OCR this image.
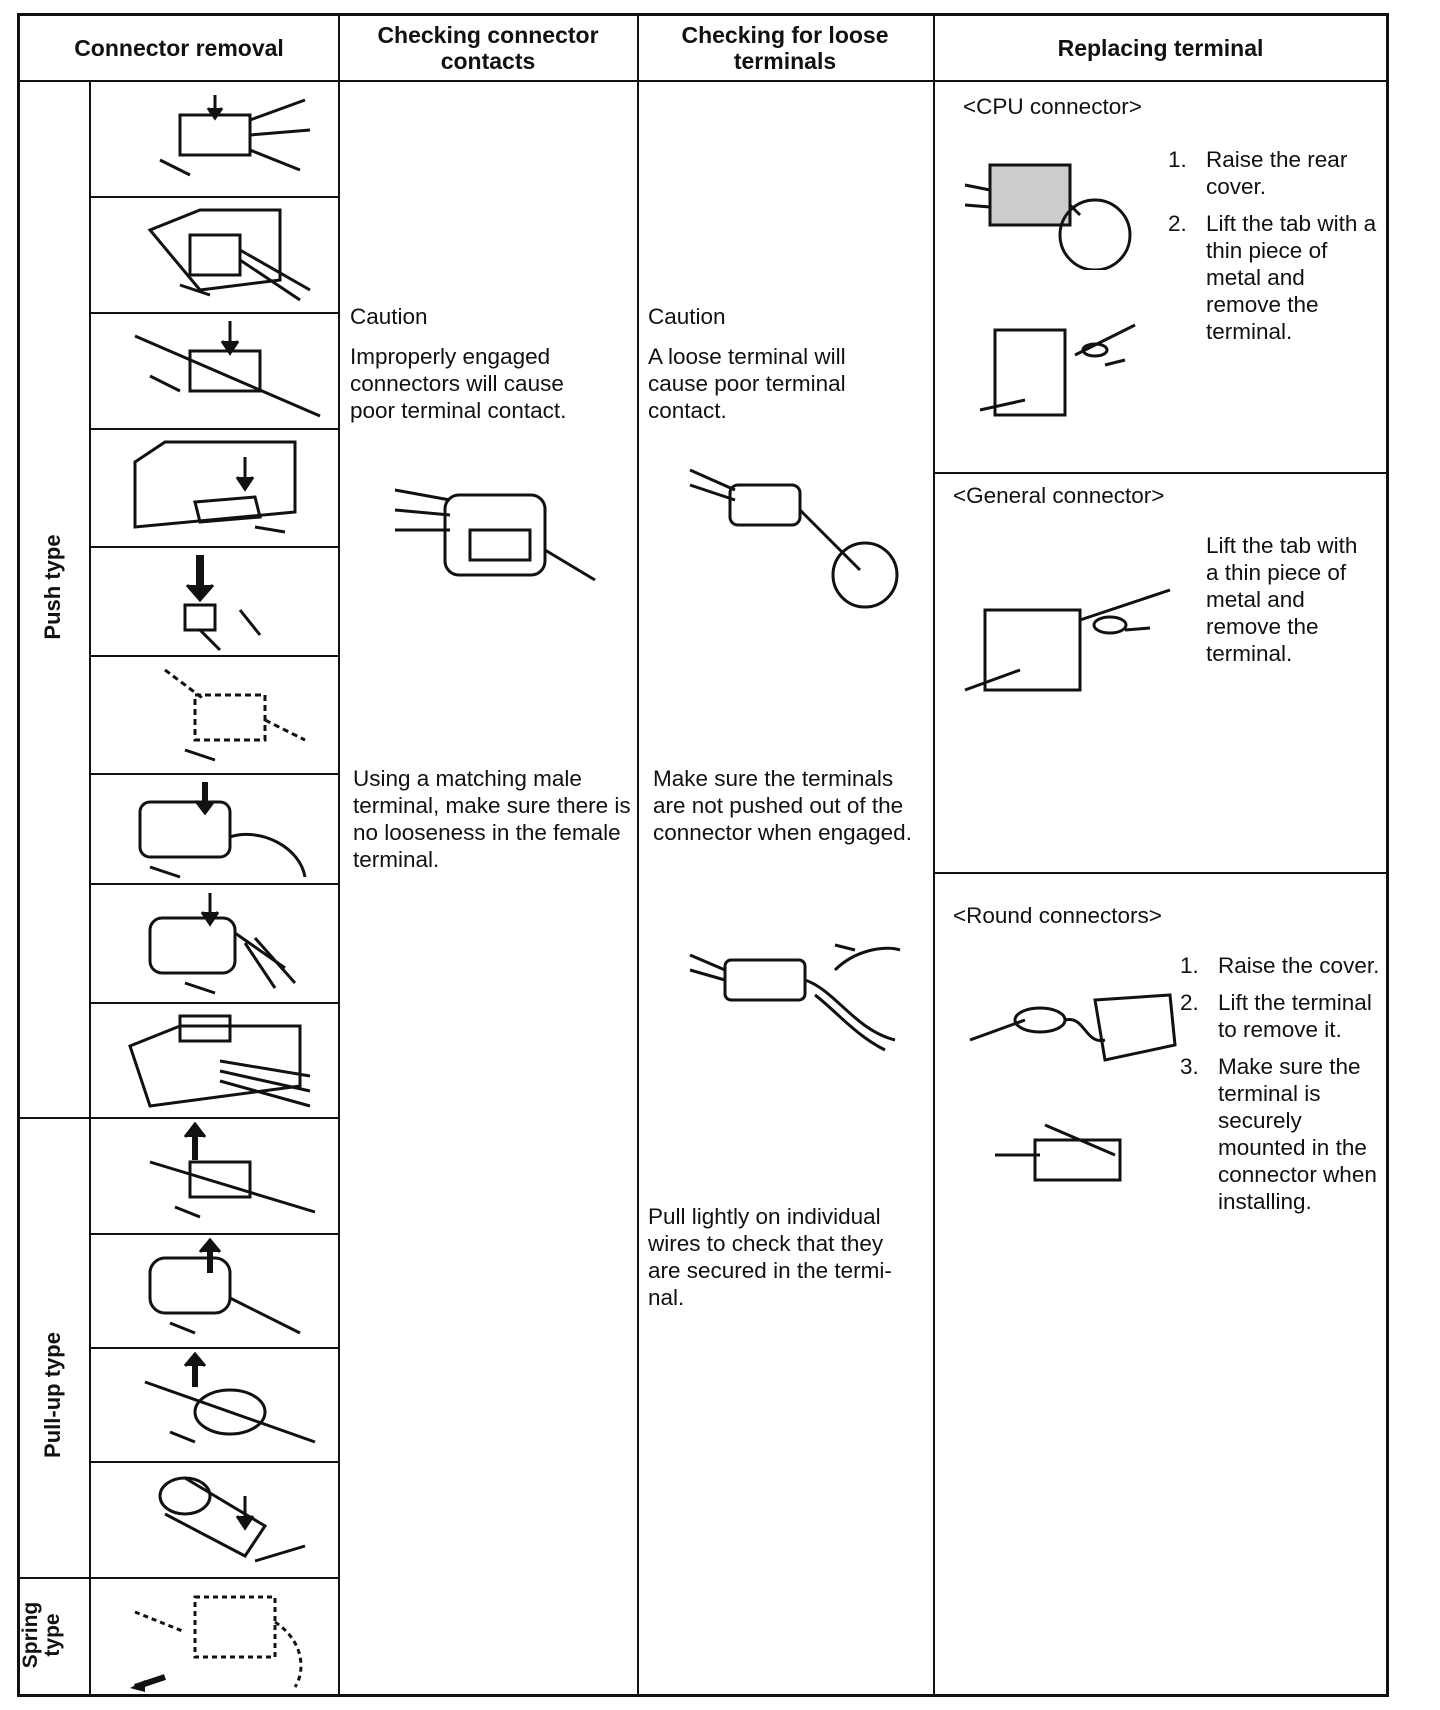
Connector removal	Checking connector contacts
Checking for loose terminals	Replacing terminal
Push type
Pull-up type
Spring type
Caution
Improperly engaged connectors will cause poor terminal contact.
Using a matching male terminal, make sure there is no looseness in the female terminal.
Caution
A loose terminal will cause poor terminal contact.
Make sure the terminals are not pushed out of the connector when engaged.
Pull lightly on individual wires to check that they are secured in the termi-nal.
<CPU connector>
1. Raise the rear cover.
2. Lift the tab with a thin piece of metal and remove the terminal.
<General connector>
Lift the tab with a thin piece of metal and remove the terminal.
<Round connectors>
1. Raise the cover.
2. Lift the terminal to remove it.
3. Make sure the terminal is securely mounted in the connector when installing.
